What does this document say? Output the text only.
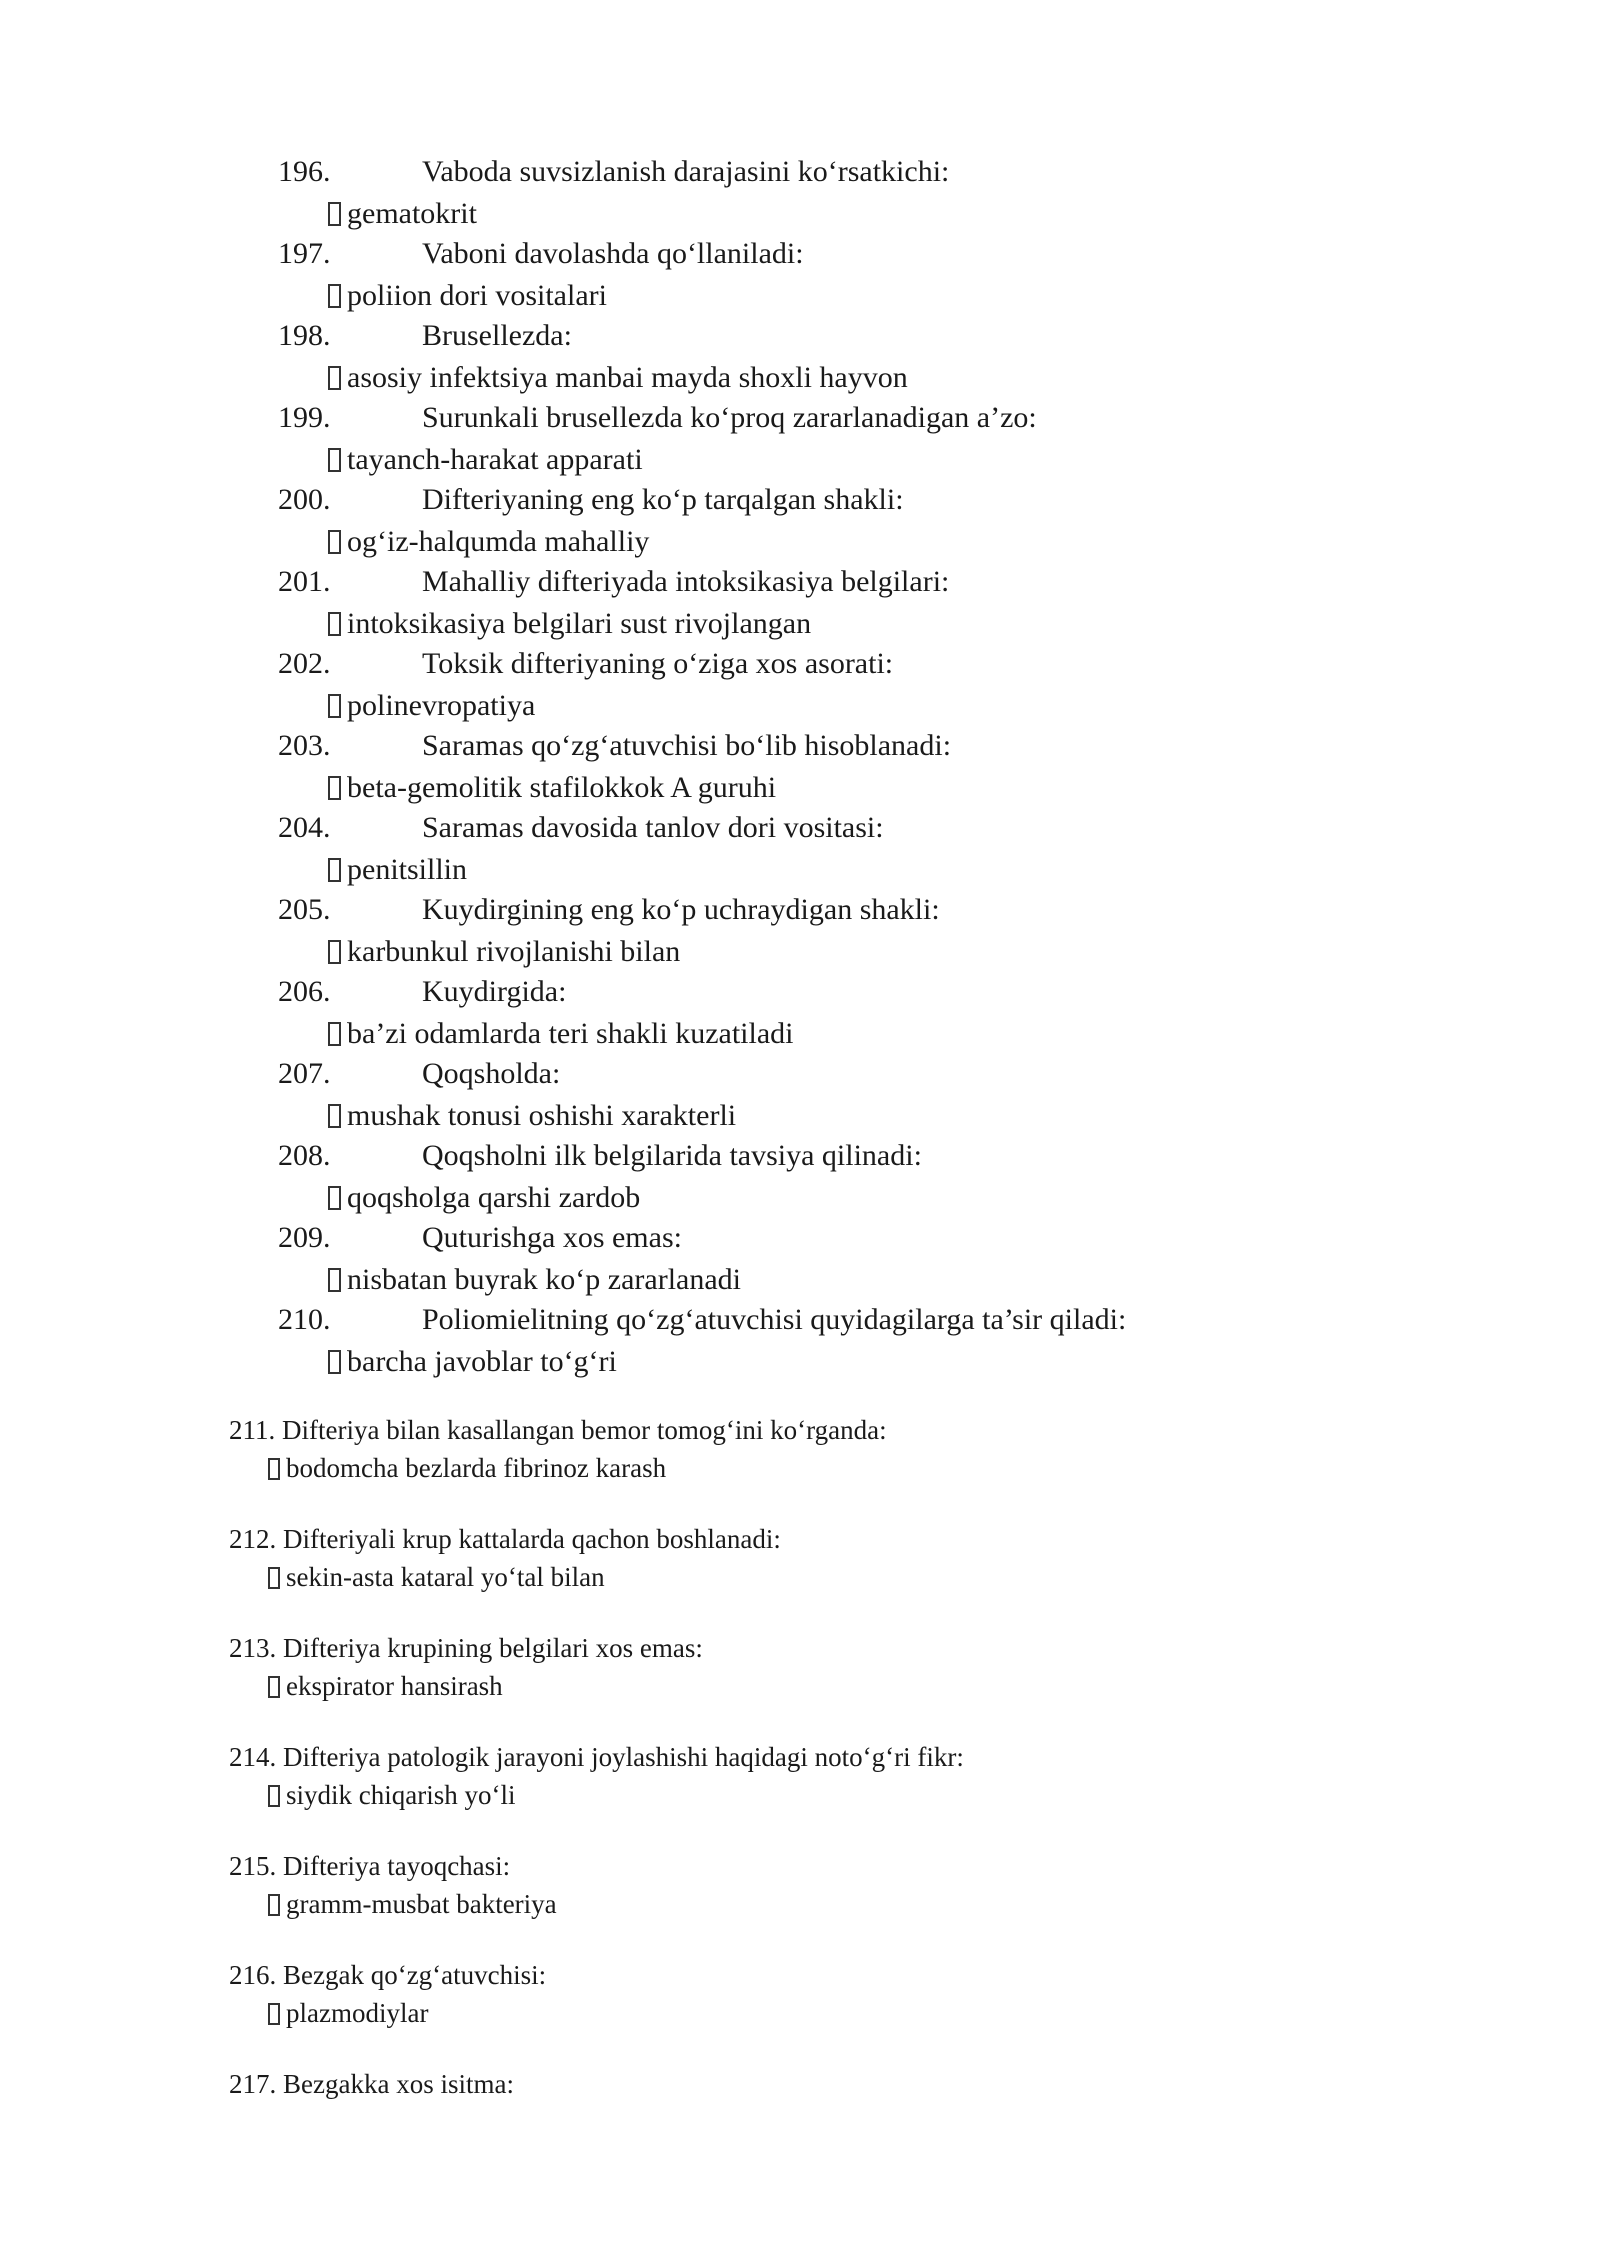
196.	Vaboda suvsizlanish darajasini ko‘rsatkichi:
gematokrit
197.	Vaboni davolashda qo‘llaniladi:
poliion dori vositalari
198.	Brusellezda:
asosiy infektsiya manbai mayda shoxli hayvon
199.	Surunkali brusellezda ko‘proq zararlanadigan a’zo:
tayanch-harakat apparati
200.	Difteriyaning eng ko‘p tarqalgan shakli:
og‘iz-halqumda mahalliy
201.	Mahalliy difteriyada intoksikasiya belgilari:
intoksikasiya belgilari sust rivojlangan
202.	Toksik difteriyaning o‘ziga xos asorati:
polinevropatiya
203.	Saramas qo‘zg‘atuvchisi bo‘lib hisoblanadi:
beta-gemolitik stafilokkok A guruhi
204.	Saramas davosida tanlov dori vositasi:
penitsillin
205.	Kuydirgining eng ko‘p uchraydigan shakli:
karbunkul rivojlanishi bilan
206.	Kuydirgida:
ba’zi odamlarda teri shakli kuzatiladi
207.	Qoqsholda:
mushak tonusi oshishi xarakterli
208.	Qoqsholni ilk belgilarida tavsiya qilinadi:
qoqsholga qarshi zardob
209.	Quturishga xos emas:
nisbatan buyrak ko‘p zararlanadi
210.	Poliomielitning qo‘zg‘atuvchisi quyidagilarga ta’sir qiladi:
barcha javoblar to‘g‘ri
211. Difteriya bilan kasallangan bemor tomog‘ini ko‘rganda:
bodomcha bezlarda fibrinoz karash
212. Difteriyali krup kattalarda qachon boshlanadi:
sekin-asta kataral yo‘tal bilan
213. Difteriya krupining belgilari xos emas:
ekspirator hansirash
214. Difteriya patologik jarayoni joylashishi haqidagi noto‘g‘ri fikr:
siydik chiqarish yo‘li
215. Difteriya tayoqchasi:
gramm-musbat bakteriya
216. Bezgak qo‘zg‘atuvchisi:
plazmodiylar
217. Bezgakka xos isitma:
